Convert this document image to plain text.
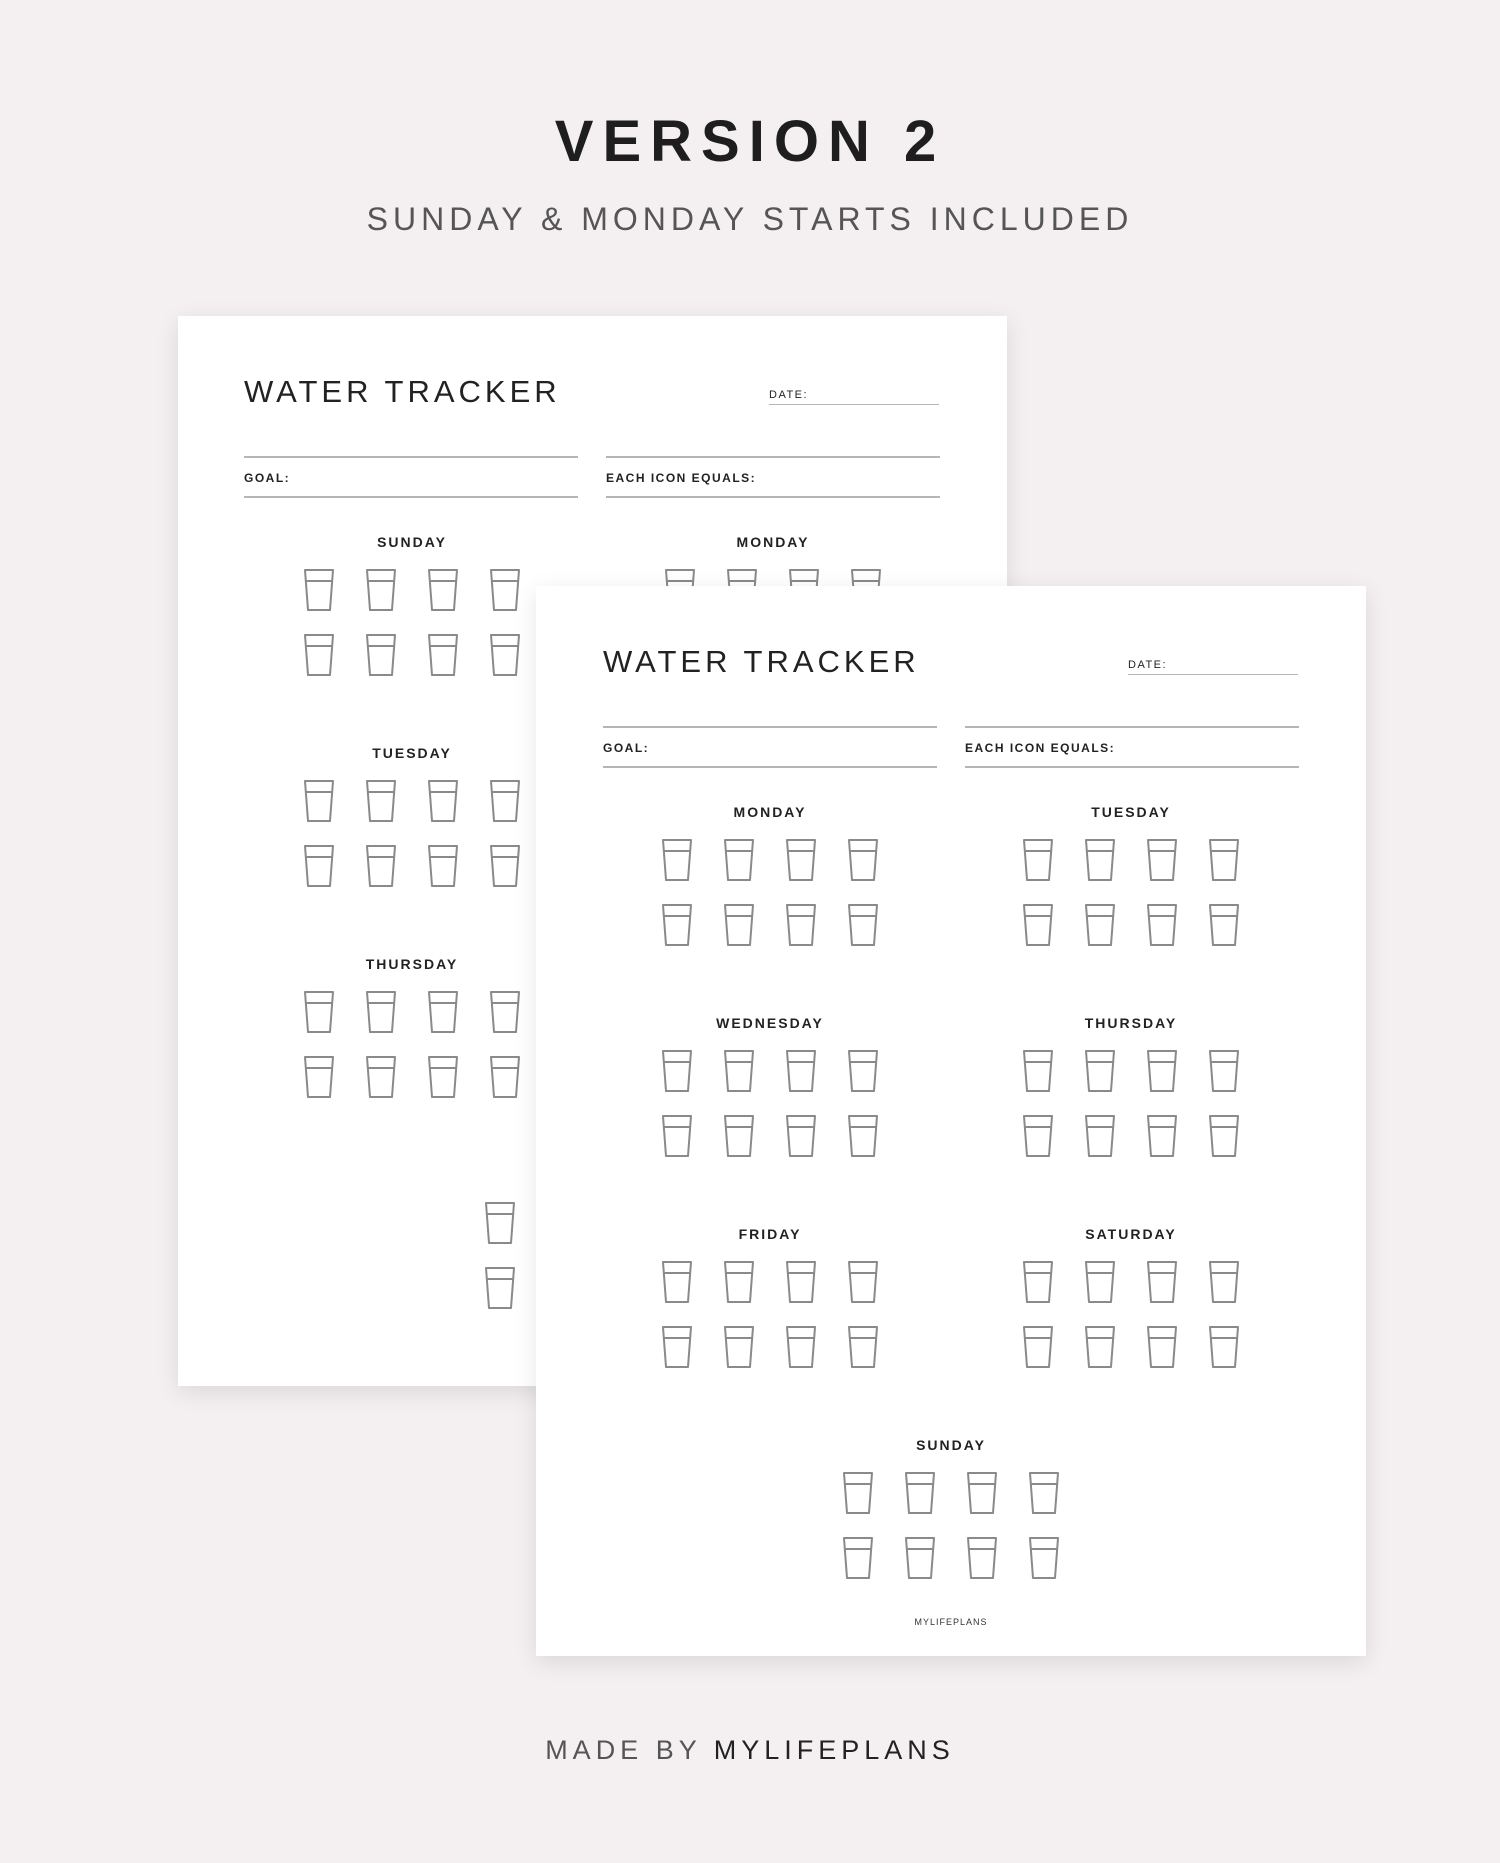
VERSION 2
SUNDAY & MONDAY STARTS INCLUDED
WATER TRACKER	DATE:
GOAL:	EACH ICON EQUALS:
SUNDAY	MONDAY
TUESDAY
THURSDAY
WATER TRACKER	DATE:
GOAL:	EACH ICON EQUALS:
MONDAY	TUESDAY
WEDNESDAY	THURSDAY
FRIDAY	SATURDAY
SUNDAY
MYLIFEPLANS
MADE BY MYLIFEPLANS
